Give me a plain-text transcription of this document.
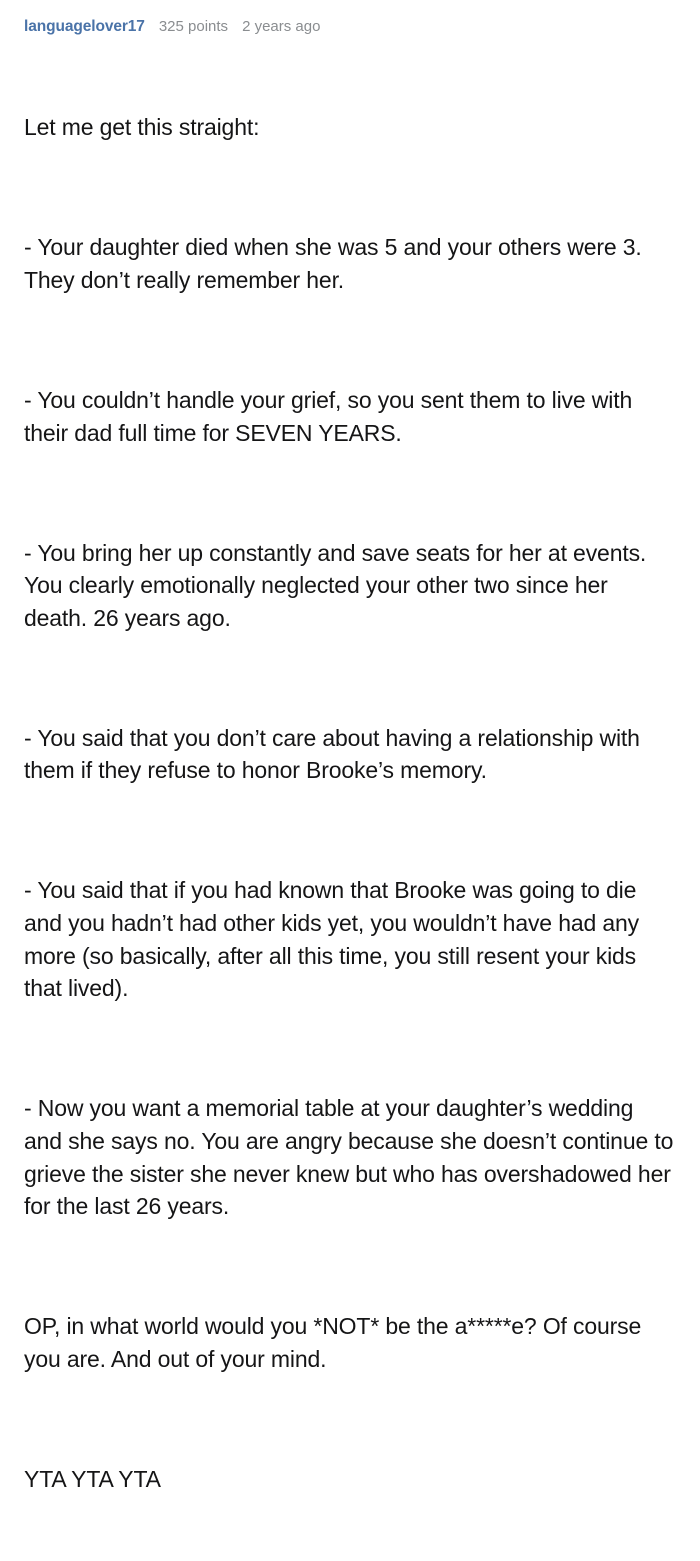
languagelover17 325 points 2 years ago

Let me get this straight:

- Your daughter died when she was 5 and your others were 3. They don’t really remember her.

- You couldn’t handle your grief, so you sent them to live with their dad full time for SEVEN YEARS.

- You bring her up constantly and save seats for her at events. You clearly emotionally neglected your other two since her death. 26 years ago.

- You said that you don’t care about having a relationship with them if they refuse to honor Brooke’s memory.

- You said that if you had known that Brooke was going to die and you hadn’t had other kids yet, you wouldn’t have had any more (so basically, after all this time, you still resent your kids that lived).

- Now you want a memorial table at your daughter’s wedding and she says no. You are angry because she doesn’t continue to grieve the sister she never knew but who has overshadowed her for the last 26 years.

OP, in what world would you *NOT* be the a*****e? Of course you are. And out of your mind.

YTA YTA YTA
